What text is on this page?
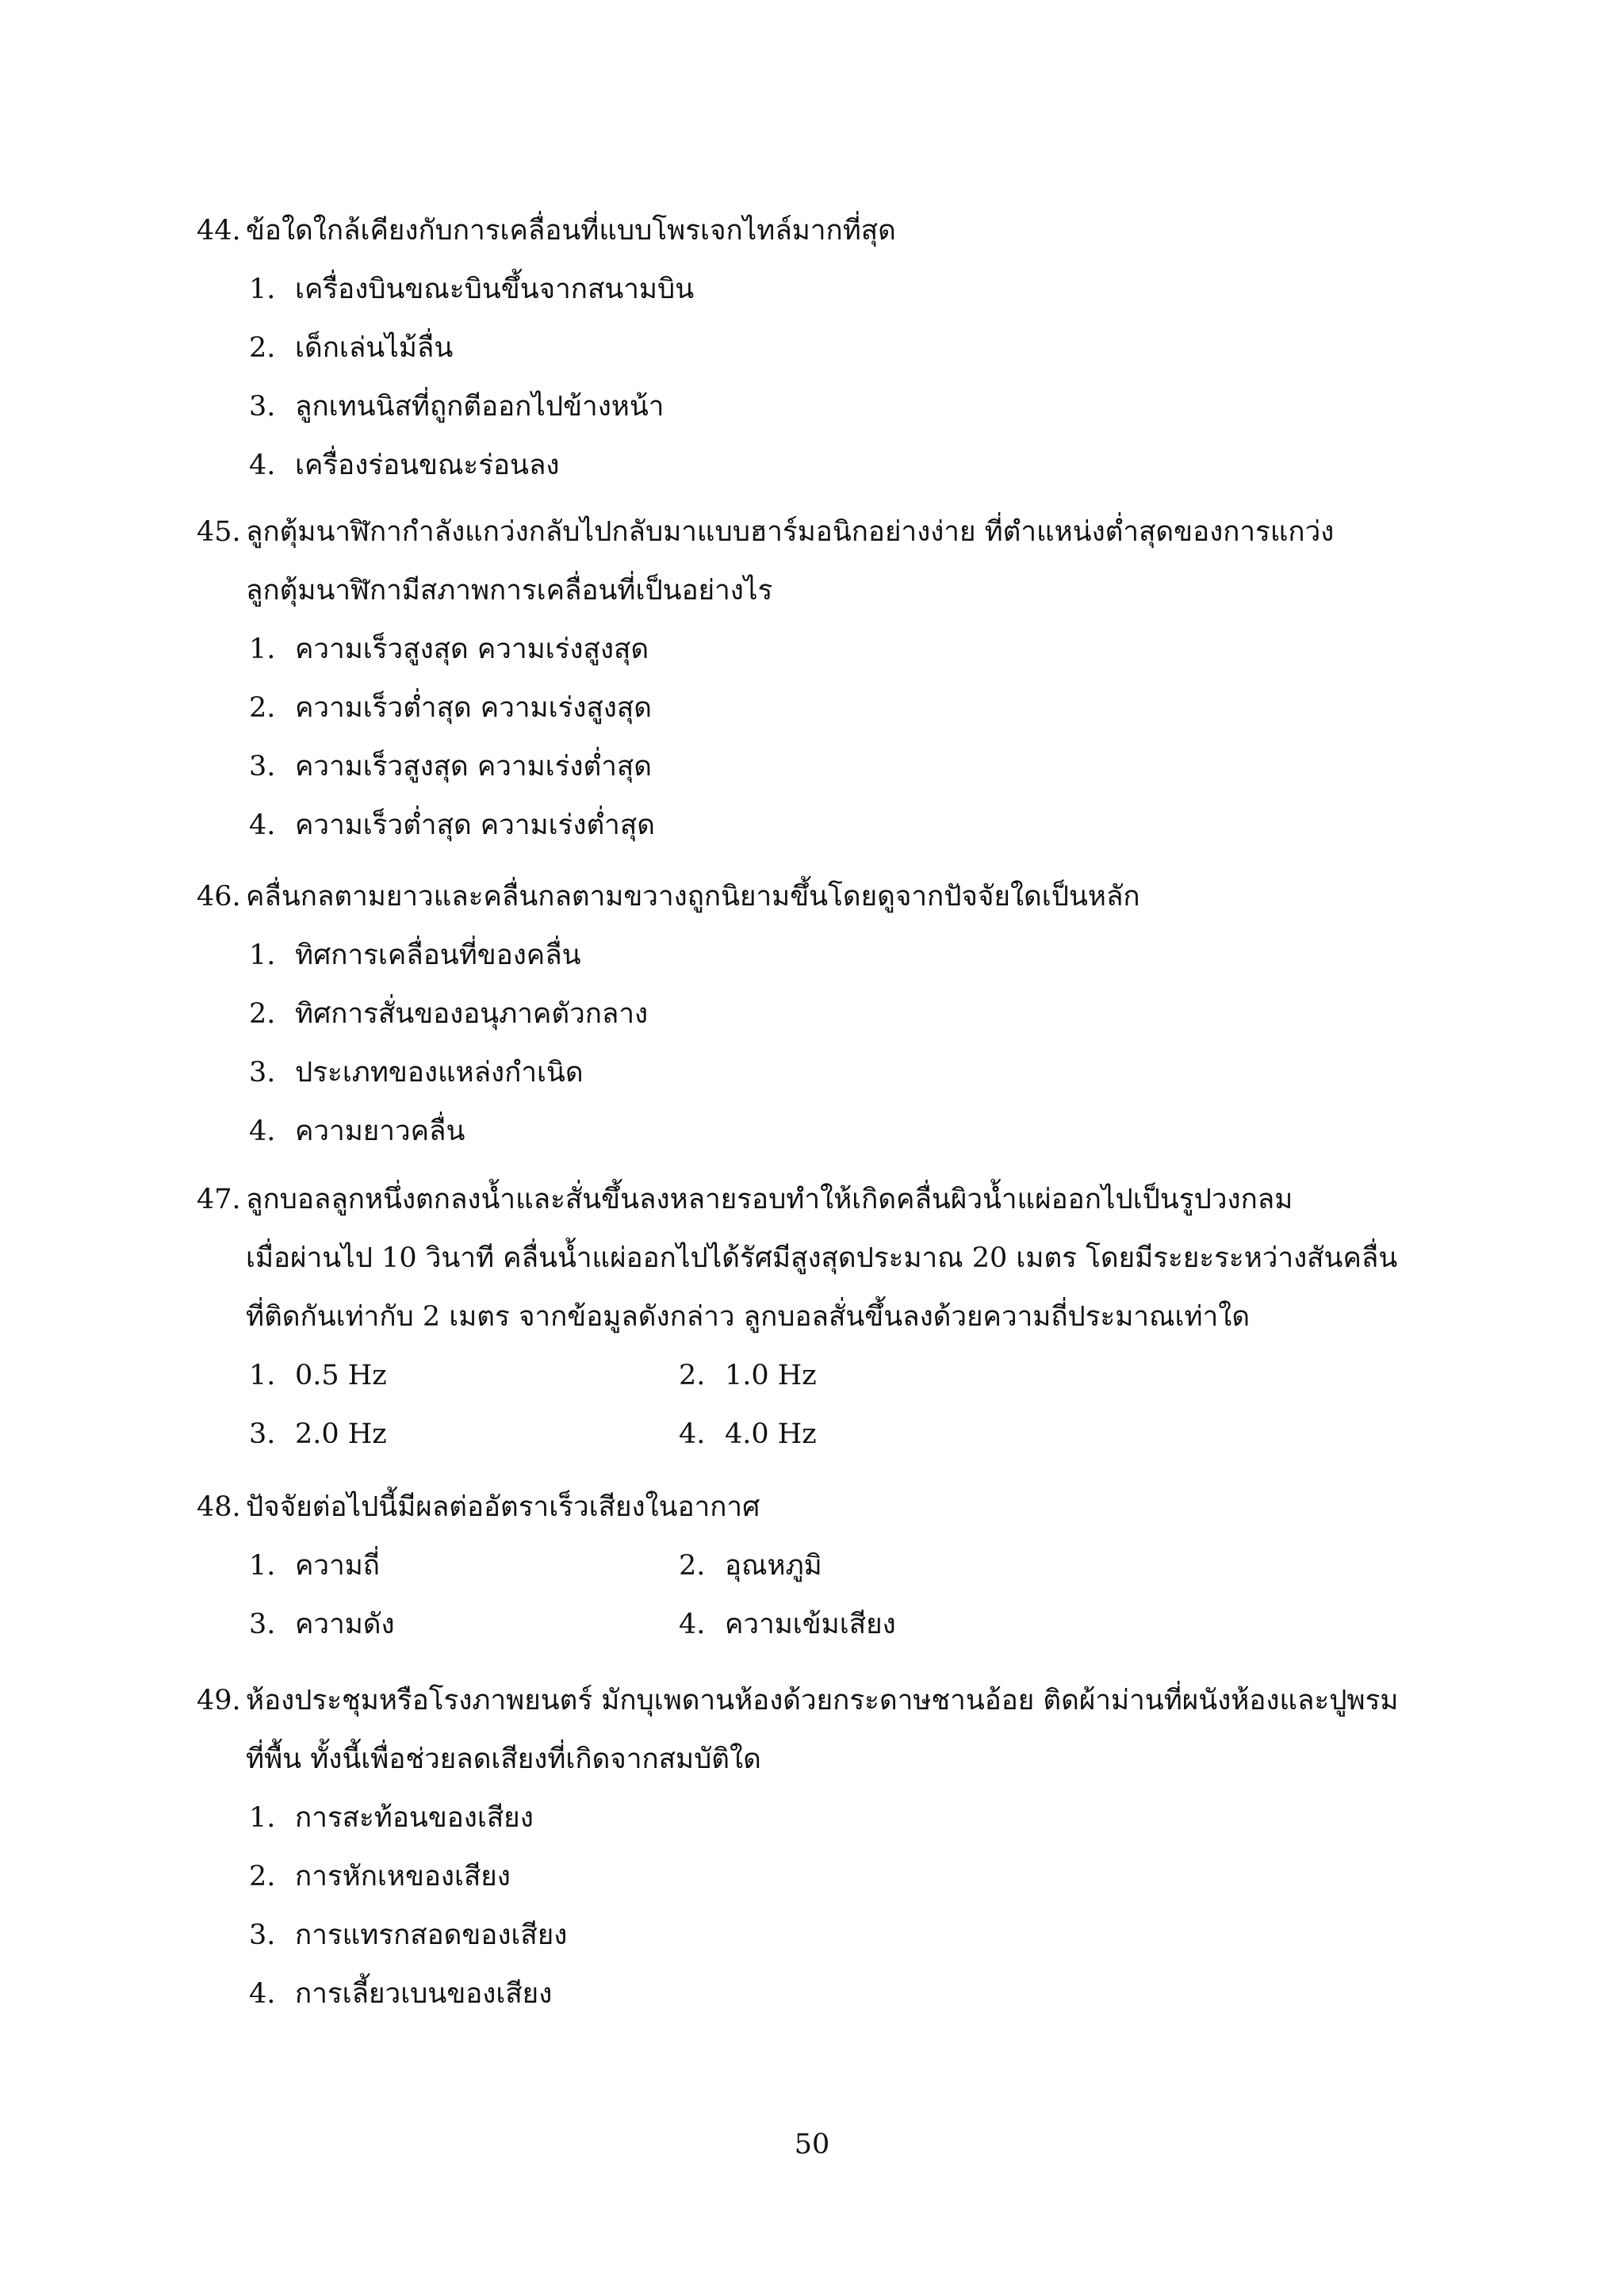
44. ข้อใดใกล้เคียงกับการเคลื่อนที่แบบโพรเจกไทล์มากที่สุด
1. เครื่องบินขณะบินขึ้นจากสนามบิน
2. เด็กเล่นไม้ลื่น
3. ลูกเทนนิสที่ถูกตีออกไปข้างหน้า
4. เครื่องร่อนขณะร่อนลง
45. ลูกตุ้มนาฬิกากำลังแกว่งกลับไปกลับมาแบบฮาร์มอนิกอย่างง่าย ที่ตำแหน่งต่ำสุดของการแกว่ง
ลูกตุ้มนาฬิกามีสภาพการเคลื่อนที่เป็นอย่างไร
1. ความเร็วสูงสุด ความเร่งสูงสุด
2. ความเร็วต่ำสุด ความเร่งสูงสุด
3. ความเร็วสูงสุด ความเร่งต่ำสุด
4. ความเร็วต่ำสุด ความเร่งต่ำสุด
46. คลื่นกลตามยาวและคลื่นกลตามขวางถูกนิยามขึ้นโดยดูจากปัจจัยใดเป็นหลัก
1. ทิศการเคลื่อนที่ของคลื่น
2. ทิศการสั่นของอนุภาคตัวกลาง
3. ประเภทของแหล่งกำเนิด
4. ความยาวคลื่น
47. ลูกบอลลูกหนึ่งตกลงน้ำและสั่นขึ้นลงหลายรอบทำให้เกิดคลื่นผิวน้ำแผ่ออกไปเป็นรูปวงกลม
เมื่อผ่านไป 10 วินาที คลื่นน้ำแผ่ออกไปได้รัศมีสูงสุดประมาณ 20 เมตร โดยมีระยะระหว่างสันคลื่น
ที่ติดกันเท่ากับ 2 เมตร จากข้อมูลดังกล่าว ลูกบอลสั่นขึ้นลงด้วยความถี่ประมาณเท่าใด
1. 0.5 Hz	2. 1.0 Hz
3. 2.0 Hz	4. 4.0 Hz
48. ปัจจัยต่อไปนี้มีผลต่ออัตราเร็วเสียงในอากาศ
1. ความถี่	2. อุณหภูมิ
3. ความดัง	4. ความเข้มเสียง
49. ห้องประชุมหรือโรงภาพยนตร์ มักบุเพดานห้องด้วยกระดาษชานอ้อย ติดผ้าม่านที่ผนังห้องและปูพรม
ที่พื้น ทั้งนี้เพื่อช่วยลดเสียงที่เกิดจากสมบัติใด
1. การสะท้อนของเสียง
2. การหักเหของเสียง
3. การแทรกสอดของเสียง
4. การเลี้ยวเบนของเสียง
50
